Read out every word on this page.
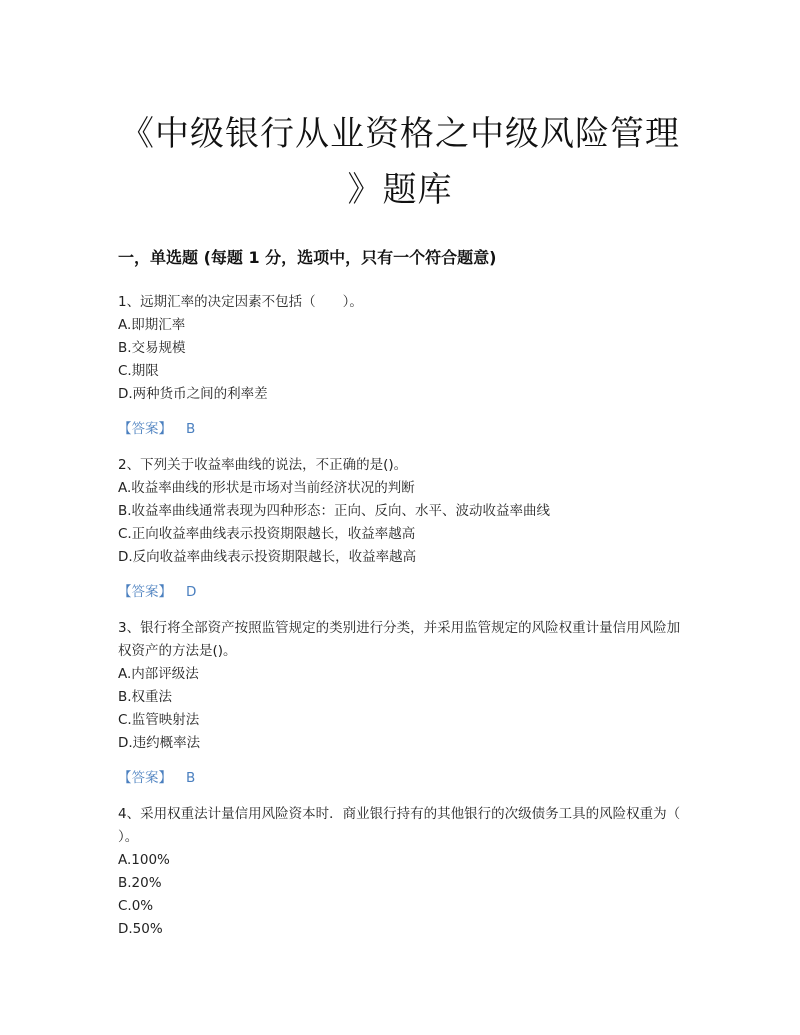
《中级银行从业资格之中级风险管理
》题库
一，单选题 (每题 1 分，选项中，只有一个符合题意)

1、远期汇率的决定因素不包括（　　）。

A.即期汇率
B.交易规模
C.期限
D.两种货币之间的利率差
【答案】 B

2、下列关于收益率曲线的说法，不正确的是()。

A.收益率曲线的形状是市场对当前经济状况的判断
B.收益率曲线通常表现为四种形态：正向、反向、水平、波动收益率曲线
C.正向收益率曲线表示投资期限越长，收益率越高
D.反向收益率曲线表示投资期限越长，收益率越高
【答案】 D

3、银行将全部资产按照监管规定的类别进行分类，并采用监管规定的风险权重计量信用风险加权资产的方法是()。

A.内部评级法
B.权重法
C.监管映射法
D.违约概率法
【答案】 B

4、采用权重法计量信用风险资本时．商业银行持有的其他银行的次级债务工具的风险权重为（ ）。

A.100%
B.20%
C.0%
D.50%
